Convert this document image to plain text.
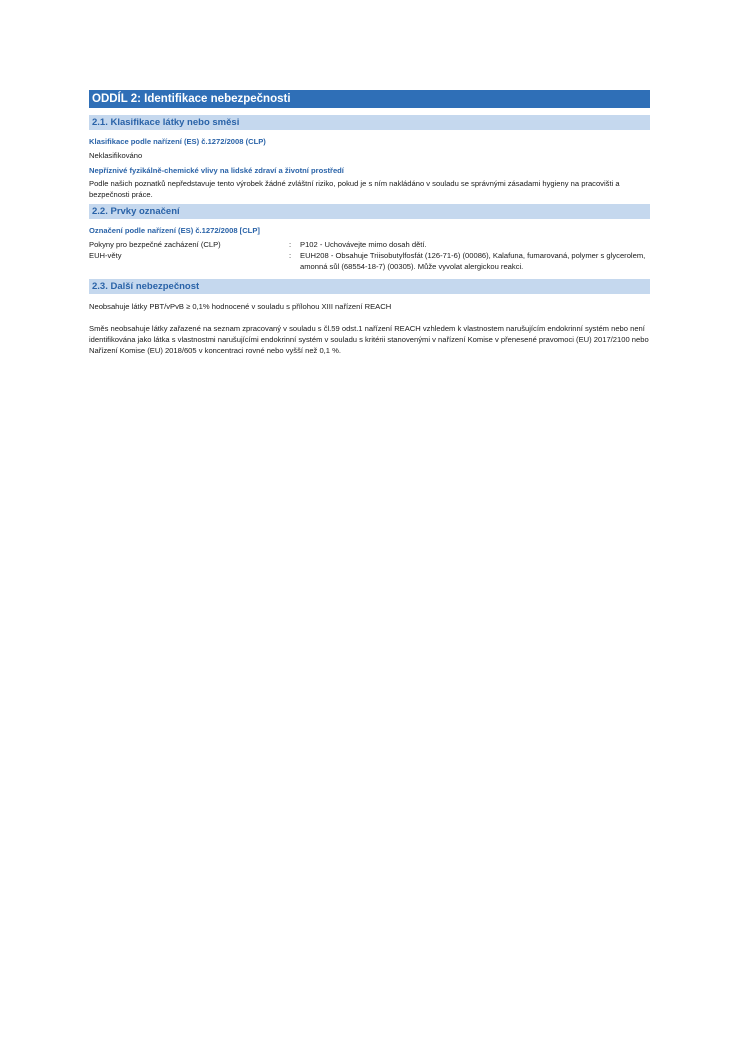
ODDÍL 2: Identifikace nebezpečnosti
2.1. Klasifikace látky nebo směsi
Klasifikace podle nařízení (ES) č.1272/2008 (CLP)
Neklasifikováno
Nepříznivé fyzikálně-chemické vlivy na lidské zdraví a životní prostředí
Podle našich poznatků nepředstavuje tento výrobek žádné zvláštní riziko, pokud je s ním nakládáno v souladu se správnými zásadami hygieny na pracovišti a bezpečnosti práce.
2.2. Prvky označení
Označení podle nařízení (ES) č.1272/2008 [CLP]
Pokyny pro bezpečné zacházení (CLP)	:	P102 - Uchovávejte mimo dosah dětí.
EUH-věty	:	EUH208 - Obsahuje Triisobutylfosfát (126-71-6) (00086), Kalafuna, fumarovaná, polymer s glycerolem, amonná sůl (68554-18-7) (00305). Může vyvolat alergickou reakci.
2.3. Další nebezpečnost
Neobsahuje látky PBT/vPvB ≥ 0,1% hodnocené v souladu s přílohou XIII nařízení REACH
Směs neobsahuje látky zařazené na seznam zpracovaný v souladu s čl.59 odst.1 nařízení REACH vzhledem k vlastnostem narušujícím endokrinní systém nebo není identifikována jako látka s vlastnostmi narušujícími endokrinní systém v souladu s kritérii stanovenými v nařízení Komise v přenesené pravomoci (EU) 2017/2100 nebo Nařízení Komise (EU) 2018/605 v koncentraci rovné nebo vyšší než 0,1 %.
